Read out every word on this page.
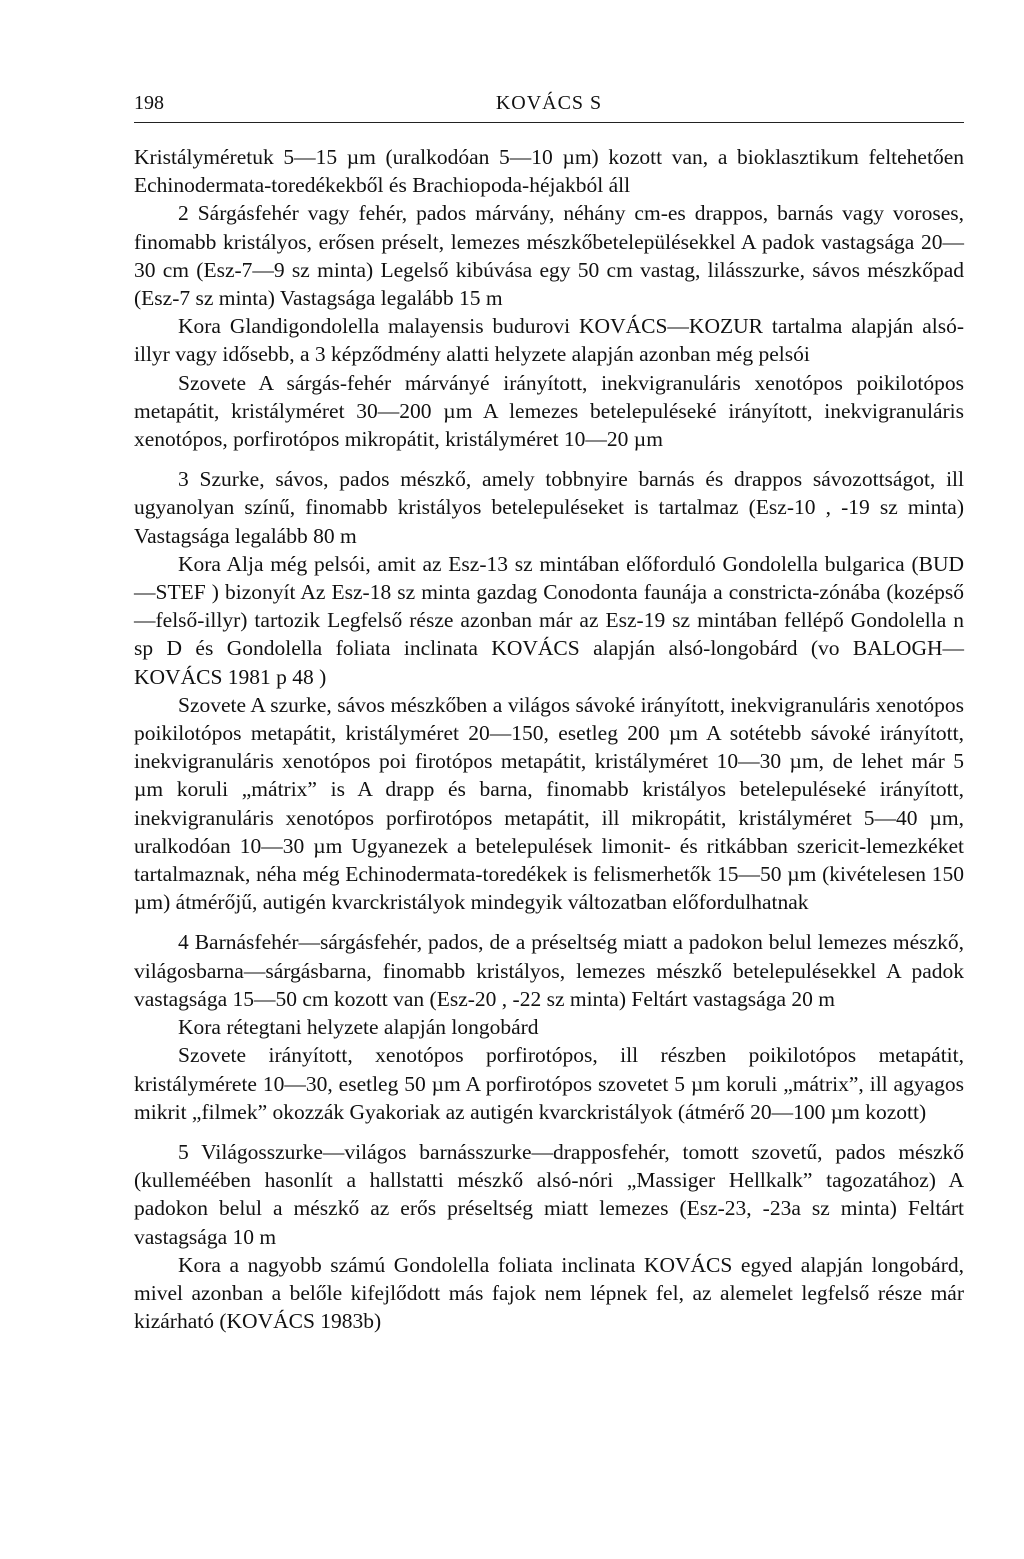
198	KOVÁCS S

Kristályméretuk 5—15 µm (uralkodóan 5—10 µm) kozott van, a bioklasztikum feltehetően Echinodermata-toredékekből és Brachiopoda-héjakból áll

2 Sárgásfehér vagy fehér, pados márvány, néhány cm-es drappos, barnás vagy voroses, finomabb kristályos, erősen préselt, lemezes mészkőbetelepülésekkel A padok vastagsága 20—30 cm (Esz-7—9 sz minta) Legelső kibúvása egy 50 cm vastag, lilásszurke, sávos mészkőpad (Esz-7 sz minta) Vastagsága legalább 15 m

Kora Glandigondolella malayensis budurovi KOVÁCS—KOZUR tartalma alapján alsó-illyr vagy idősebb, a 3 képződmény alatti helyzete alapján azonban még pelsói

Szovete A sárgás-fehér márványé irányított, inekvigranuláris xenotópos poikilotópos metapátit, kristályméret 30—200 µm A lemezes betelepuléseké irányított, inekvigranuláris xenotópos, porfirotópos mikropátit, kristályméret 10—20 µm

3 Szurke, sávos, pados mészkő, amely tobbnyire barnás és drappos sávozottságot, ill ugyanolyan színű, finomabb kristályos betelepuléseket is tartalmaz (Esz-10 , -19 sz minta) Vastagsága legalább 80 m

Kora Alja még pelsói, amit az Esz-13 sz mintában előforduló Gondolella bulgarica (BUD —STEF ) bizonyít Az Esz-18 sz minta gazdag Conodonta faunája a constricta-zónába (kozépső—felső-illyr) tartozik Legfelső része azonban már az Esz-19 sz mintában fellépő Gondolella n sp D és Gondolella foliata inclinata KOVÁCS alapján alsó-longobárd (vo BALOGH—KOVÁCS 1981 p 48 )

Szovete A szurke, sávos mészkőben a világos sávoké irányított, inekvigranuláris xenotópos poikilotópos metapátit, kristályméret 20—150, esetleg 200 µm A sotétebb sávoké irányított, inekvigranuláris xenotópos poi firotópos metapátit, kristályméret 10—30 µm, de lehet már 5 µm koruli „mátrix” is A drapp és barna, finomabb kristályos betelepuléseké irányított, inekvigranuláris xenotópos porfirotópos metapátit, ill mikropátit, kristályméret 5—40 µm, uralkodóan 10—30 µm Ugyanezek a betelepulések limonit- és ritkábban szericit-lemezkéket tartalmaznak, néha még Echinodermata-toredékek is felismerhetők 15—50 µm (kivételesen 150 µm) átmérőjű, autigén kvarckristályok mindegyik változatban előfordulhatnak

4 Barnásfehér—sárgásfehér, pados, de a préseltség miatt a padokon belul lemezes mészkő, világosbarna—sárgásbarna, finomabb kristályos, lemezes mészkő betelepulésekkel A padok vastagsága 15—50 cm kozott van (Esz-20 , -22 sz minta) Feltárt vastagsága 20 m

Kora rétegtani helyzete alapján longobárd

Szovete irányított, xenotópos porfirotópos, ill részben poikilotópos metapátit, kristálymérete 10—30, esetleg 50 µm A porfirotópos szovetet 5 µm koruli „mátrix”, ill agyagos mikrit „filmek” okozzák Gyakoriak az autigén kvarckristályok (átmérő 20—100 µm kozott)

5 Világosszurke—világos barnásszurke—drapposfehér, tomott szovetű, pados mészkő (kulleméében hasonlít a hallstatti mészkő alsó-nóri „Massiger Hellkalk” tagozatához) A padokon belul a mészkő az erős préseltség miatt lemezes (Esz-23, -23a sz minta) Feltárt vastagsága 10 m

Kora a nagyobb számú Gondolella foliata inclinata KOVÁCS egyed alapján longobárd, mivel azonban a belőle kifejlődott más fajok nem lépnek fel, az alemelet legfelső része már kizárható (KOVÁCS 1983b)
